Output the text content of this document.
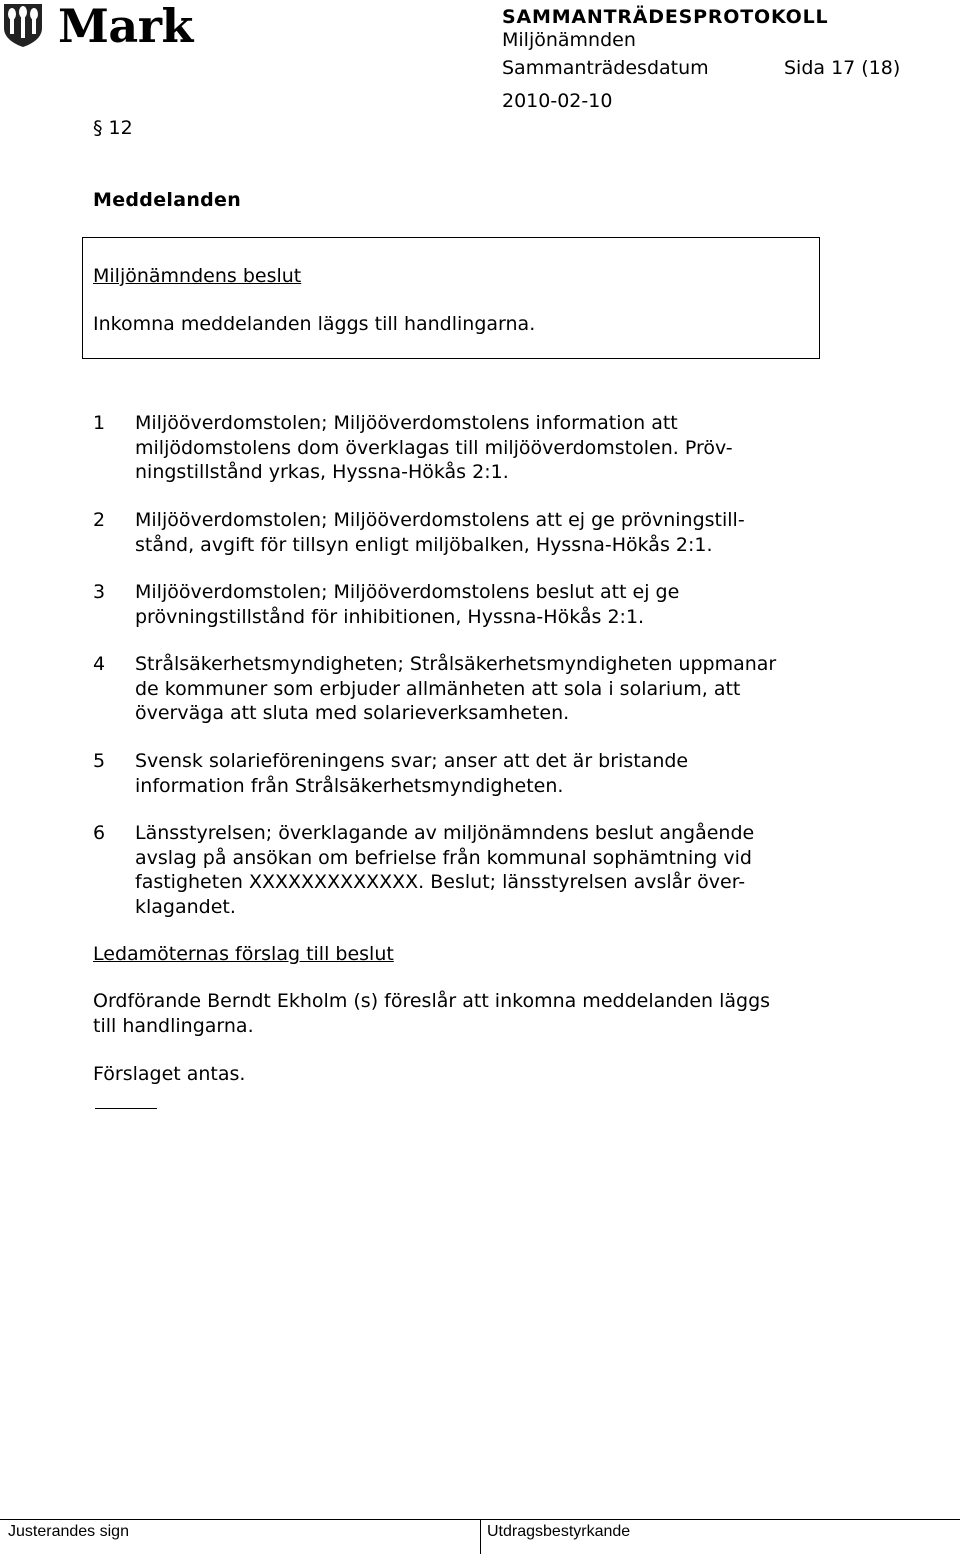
Mark	SAMMANTRÄDESPROTOKOLL
Miljönämnden
Sammanträdesdatum	Sida 17 (18)
2010-02-10
§ 12
Meddelanden
Miljönämndens beslut
Inkomna meddelanden läggs till handlingarna.
1 Miljööverdomstolen; Miljööverdomstolens information att
miljödomstolens dom överklagas till miljööverdomstolen. Pröv-
ningstillstånd yrkas, Hyssna-Hökås 2:1.
2 Miljööverdomstolen; Miljööverdomstolens att ej ge prövningstill-
stånd, avgift för tillsyn enligt miljöbalken, Hyssna-Hökås 2:1.
3 Miljööverdomstolen; Miljööverdomstolens beslut att ej ge
prövningstillstånd för inhibitionen, Hyssna-Hökås 2:1.
4 Strålsäkerhetsmyndigheten; Strålsäkerhetsmyndigheten uppmanar
de kommuner som erbjuder allmänheten att sola i solarium, att
överväga att sluta med solarieverksamheten.
5 Svensk solarieföreningens svar; anser att det är bristande
information från Strålsäkerhetsmyndigheten.
6 Länsstyrelsen; överklagande av miljönämndens beslut angående
avslag på ansökan om befrielse från kommunal sophämtning vid
fastigheten XXXXXXXXXXXXX. Beslut; länsstyrelsen avslår över-
klagandet.
Ledamöternas förslag till beslut
Ordförande Berndt Ekholm (s) föreslår att inkomna meddelanden läggs
till handlingarna.
Förslaget antas.
Justerandes sign	Utdragsbestyrkande
